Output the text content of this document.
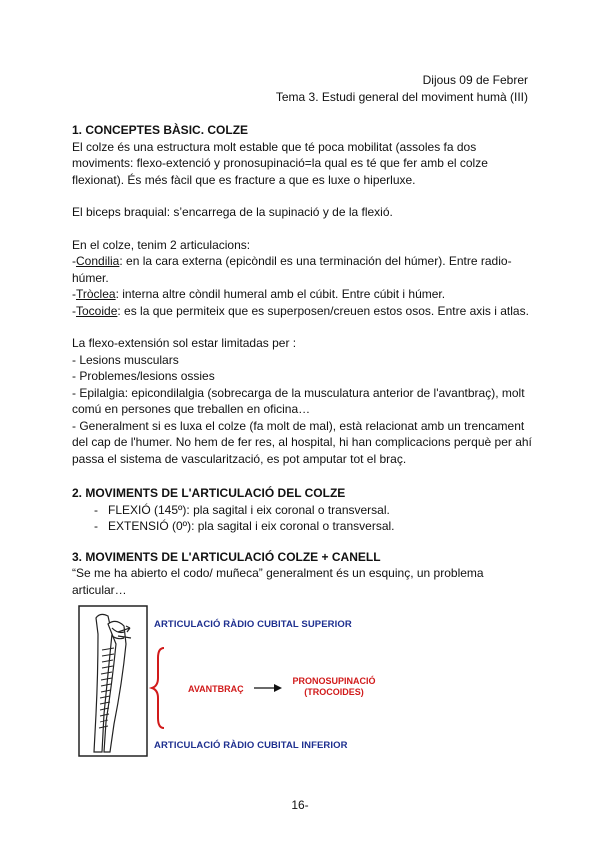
Dijous 09 de Febrer
Tema 3. Estudi general del moviment humà (III)
1. CONCEPTES BÀSIC. COLZE

El colze és una estructura molt estable que té poca mobilitat (assoles fa dos moviments: flexo-extenció y pronosupinació=la qual es té que fer amb el colze flexionat). És més fàcil que es fracture a que es luxe o hiperluxe.

El biceps braquial: s’encarrega de la supinació y de la flexió.

En el colze, tenim 2 articulacions:

-Condilia: en la cara externa (epicòndil es una terminación del húmer). Entre radio-húmer.

-Tròclea: interna altre còndil humeral amb el cúbit. Entre cúbit i húmer.

-Tocoide: es la que permiteix que es superposen/creuen estos osos. Entre axis i atlas.

La flexo-extensión sol estar limitadas per :

- Lesions musculars

- Problemes/lesions ossies

- Epilalgia: epicondilalgia (sobrecarga de la musculatura anterior de l'avantbraç), molt comú en persones que treballen en oficina…

- Generalment si es luxa el colze (fa molt de mal), està relacionat amb un trencament del cap de l'humer. No hem de fer res, al hospital, hi han complicacions perquè per ahí passa el sistema de vascularització, es pot amputar tot el braç.

2. MOVIMENTS DE L'ARTICULACIÓ DEL COLZE

- FLEXIÓ (145º): pla sagital i eix coronal o transversal.

- EXTENSIÓ (0º): pla sagital i eix coronal o transversal.

3. MOVIMENTS DE L'ARTICULACIÓ COLZE + CANELL

“Se me ha abierto el codo/ muñeca” generalment és un esquinç, un problema articular…

ARTICULACIÓ RÀDIO CUBITAL SUPERIOR
AVANTBRAÇ
PRONOSUPINACIÓ
(TROCOIDES)
ARTICULACIÓ RÀDIO CUBITAL INFERIOR
16-
